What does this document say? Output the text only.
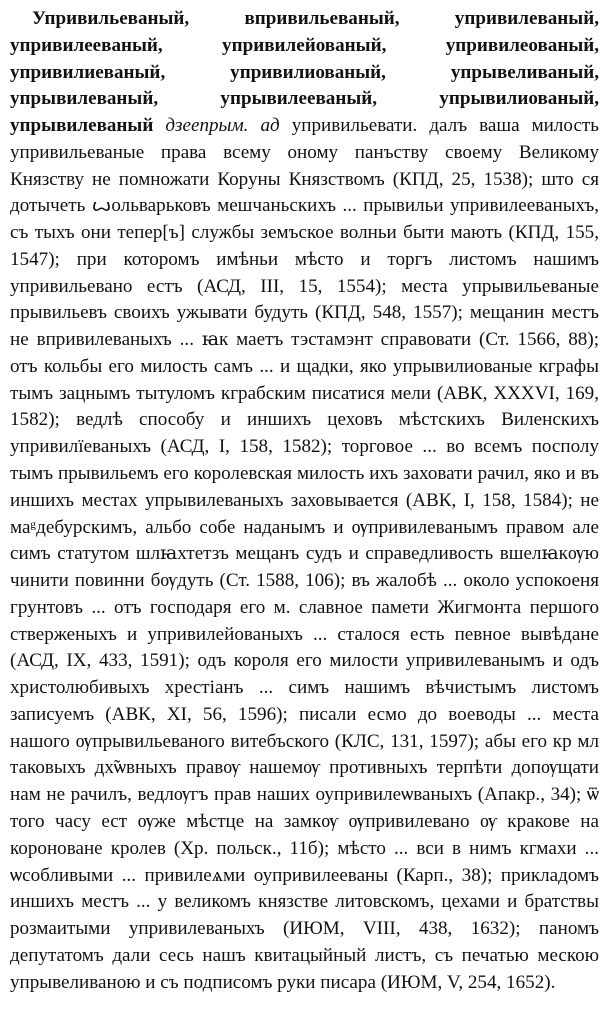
Упривильеваный, впривильеваный, упривилеваный, упривилееваный, упривилейованый, упривилеованый, упривилиеваный, упривилиованый, упрывеливаный, упрывилеваный, упрывилееваный, упрывилиованый, упрывилеваный дзеепрым. ад упривильевати. далъ ваша милость упривильеваные права всему оному панъству своему Великому Князству не помножати Коруны Князствомъ (КПД, 25, 1538); што ся дотычеть ꙍольварьковъ мешчаньскихъ ... прывильи упривилееваныхъ, съ тыхъ они тепер[ъ] службы земъское волньи быти мають (КПД, 155, 1547); при которомъ имѣньи мѣсто и торгъ листомъ нашимъ упривильевано естъ (АСД, III, 15, 1554); места упрывильеваные прывильевъ своихъ ужывати будуть (КПД, 548, 1557); мещанин местъ не впривилеваныхъ ... ꙗк маетъ тэстамэнт справовати (Ст. 1566, 88); отъ кольбы его милость самъ ... и щадки, яко упрывилиованые кграфы тымъ зацнымъ тытуломъ кграбским писатися мели (АВК, XXXVI, 169, 1582); ведлѣ способу и иншихъ цеховъ мѣстскихъ Виленскихъ упривилїеваныхъ (АСД, I, 158, 1582); торговое ... во всемъ посполу тымъ прывильемъ его королевская милость ихъ заховати рачил, яко и въ иншихъ местах упрывилеваныхъ заховывается (АВК, I, 158, 1584); не маᵍдебурскимъ, альбо собе наданымъ и ѹпривилеванымъ правом але симъ статутом шлꙗхтетзъ мещанъ судъ и справедливость вшелꙗкѹю чинити повинни бѹдуть (Ст. 1588, 106); въ жалобѣ ... около успокоеня грунтовъ ... отъ господаря его м. славное памети Жигмонта першого стверженыхъ и упривилейованыхъ ... сталося есть певное вывѣдане (АСД, IX, 433, 1591); одъ короля его милости упривилеванымъ и одъ христолюбивыхъ хрестіанъ ... симъ нашимъ вѣчистымъ листомъ записуемъ (АВК, XI, 56, 1596); писали есмо до воеводы ... места нашого ѹпрывильеваного витебъского (КЛС, 131, 1597); абы его кр мл таковыхъ дх̃ѡвныхъ правѹ нашемѹ противныхъ терпѣти допѹщати нам не рачилъ, ведлѹгъ прав наших оупривилеѡваныхъ (Апакр., 34); ѿ того часу ест ѹже мѣстце на замкѹ ѹпривилевано ѹ кракове на короноване кролев (Хр. польск., 11б); мѣсто ... вси в нимъ кгмахи ... ѡсобливыми ... привилеѧми оупривилееваны (Карп., 38); прикладомъ иншихъ местъ ... у великомъ князстве литовскомъ, цехами и братствы розмаитыми упривилеваныхъ (ИЮМ, VIII, 438, 1632); паномъ депутатомъ дали сесь нашъ квитацыйный листъ, съ печатью мескою упрывеливаною и съ подписомъ руки писара (ИЮМ, V, 254, 1652).
